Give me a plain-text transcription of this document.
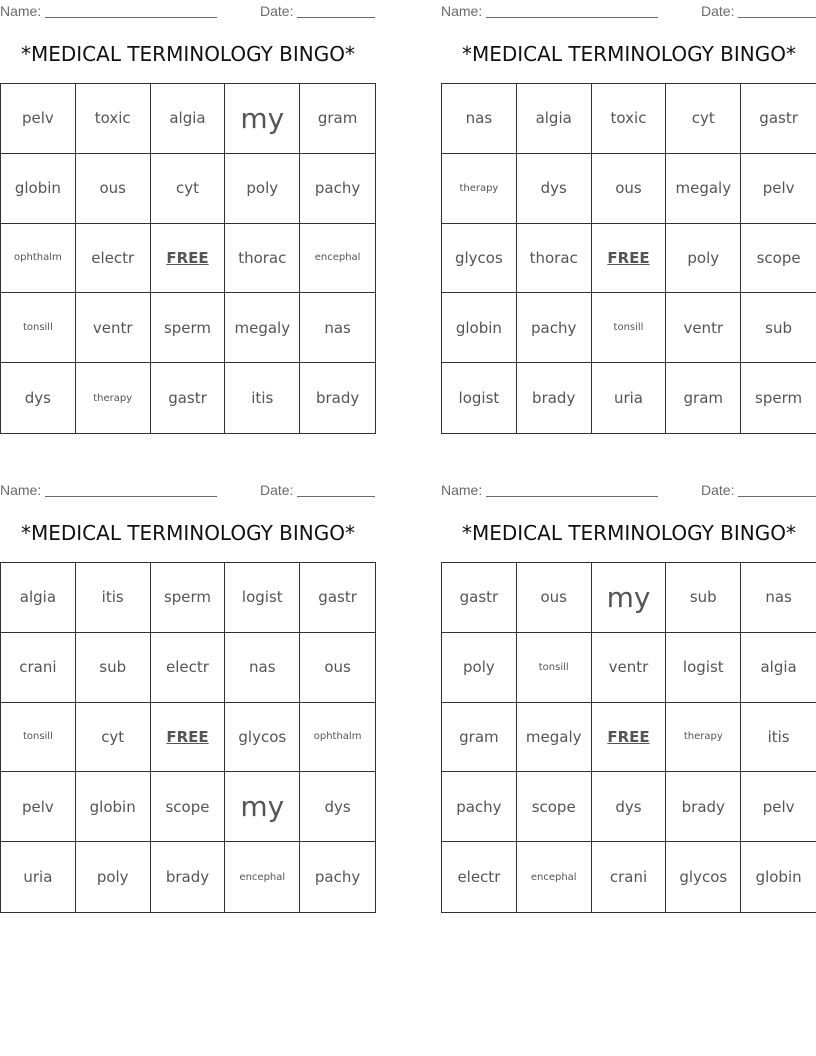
Name:	Date:
*MEDICAL TERMINOLOGY BINGO*
pelv	toxic	algia	my	gram
globin	ous	cyt	poly	pachy
ophthalm	electr	FREE	thorac	encephal
tonsill	ventr	sperm	megaly	nas
dys	therapy	gastr	itis	brady
Name:	Date:
*MEDICAL TERMINOLOGY BINGO*
nas	algia	toxic	cyt	gastr
therapy	dys	ous	megaly	pelv
glycos	thorac	FREE	poly	scope
globin	pachy	tonsill	ventr	sub
logist	brady	uria	gram	sperm
Name:	Date:
*MEDICAL TERMINOLOGY BINGO*
algia	itis	sperm	logist	gastr
crani	sub	electr	nas	ous
tonsill	cyt	FREE	glycos	ophthalm
pelv	globin	scope	my	dys
uria	poly	brady	encephal	pachy
Name:	Date:
*MEDICAL TERMINOLOGY BINGO*
gastr	ous	my	sub	nas
poly	tonsill	ventr	logist	algia
gram	megaly	FREE	therapy	itis
pachy	scope	dys	brady	pelv
electr	encephal	crani	glycos	globin
